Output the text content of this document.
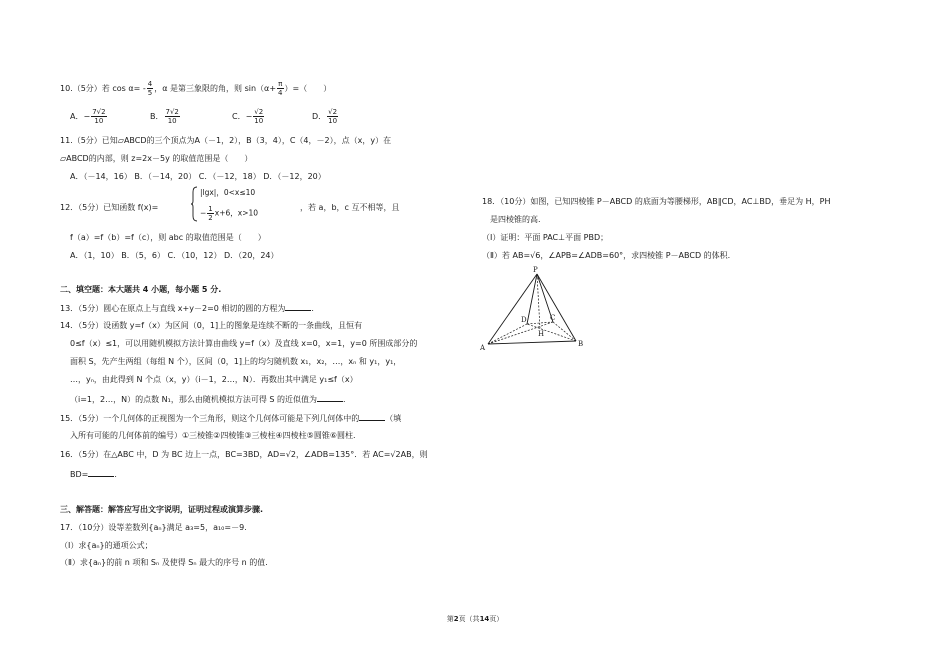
10.（5分）若 $\cos \alpha= - \frac{4}{5}$ ，α 是第三象限的角，则 $\sin(\alpha+ \frac{\pi}{4}$ ）=（　　）
A．− $\frac{7√2}{10}$	B． $\frac{7√2}{10}$	C．− $\frac{√2}{10}$	D． $\frac{√2}{10}$
11.（5分）已知▱ABCD的三个顶点为A（－1，2），B（3，4），C（4，－2），点（x，y）在
▱ABCD的内部，则 z=2x－5y 的取值范围是（　　）
A．（－14，16） B．（－14，20） C．（－12，18） D．（－12，20）
12．（5分）已知函数 f(x)=
|lgx|，0<x≤10
− $\frac{1}{2} x+6$，x>10
，若 a，b，c 互不相等，且
f（a）=f（b）=f（c），则 abc 的取值范围是（　　）
A．（1，10） B．（5，6） C．（10，12） D．（20，24）
二、填空题：本大题共 4 小题，每小题 5 分.
13．（5分）圆心在原点上与直线 x+y－2=0 相切的圆的方程为	.
14．（5分）设函数 y=f（x）为区间（0，1]上的图象是连续不断的一条曲线，且恒有
0≤f（x）≤1，可以用随机模拟方法计算由曲线 y=f（x）及直线 x=0，x=1，y=0 所围成部分的
面积 S，先产生两组（每组 N 个），区间（0，1]上的均匀随机数 x₁，x₂，…，xₙ 和 y₁，y₁，
…，yₙ，由此得到 N 个点（x，y）（i－1，2…，N）．再数出其中满足 y₁≤f（x）
（i=1，2…，N）的点数 N₁，那么由随机模拟方法可得 S 的近似值为	.
15．（5分）一个几何体的正视图为一个三角形，则这个几何体可能是下列几何体中的	（填
入所有可能的几何体前的编号）①三棱锥②四棱锥③三棱柱④四棱柱⑤圆锥⑥圆柱.
16．（5分）在△ABC 中，D 为 BC 边上一点，BC=3BD，AD=√2，∠ADB=135°．若 AC=√2AB，则
BD=	.
三、解答题：解答应写出文字说明，证明过程或演算步骤.
17．（10分）设等差数列{aₙ}满足 a₃=5，a₁₀=－9.
（Ⅰ）求{aₙ}的通项公式；
（Ⅱ）求{aₙ}的前 n 项和 Sₙ 及使得 Sₙ 最大的序号 n 的值.
18．（10分）如图，已知四棱锥 P－ABCD 的底面为等腰梯形，AB∥CD，AC⊥BD，垂足为 H，PH
是四棱锥的高.
（Ⅰ）证明：平面 PAC⊥平面 PBD；
（Ⅱ）若 AB=√6，∠APB=∠ADB=60°，求四棱锥 P－ABCD 的体积.
P
A	B
C
D
H
第2页（共14页）
